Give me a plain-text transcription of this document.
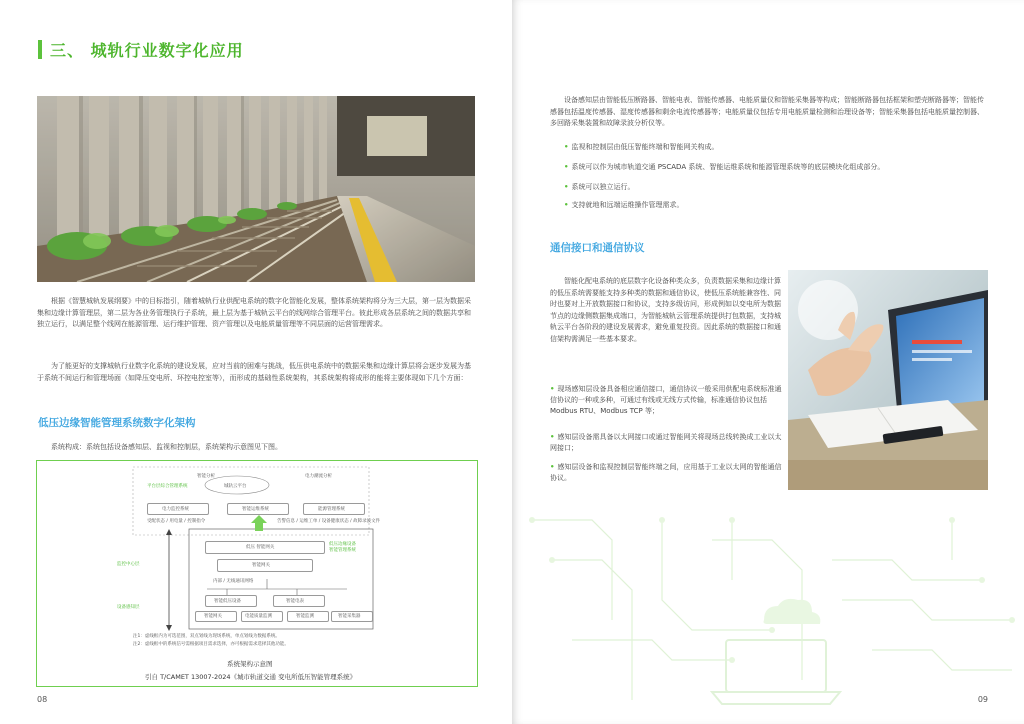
三、 城轨行业数字化应用
根据《智慧城轨发展纲要》中的目标指引，随着城轨行业供配电系统的数字化智能化发展，整体系统架构将分为三大层，第一层为数据采集和边缘计算管理层，第二层为各业务管理执行子系统，最上层为基于城轨云平台的线网综合管理平台。彼此形成各层系统之间的数据共享和独立运行，以满足整个线网在能源管理、运行维护管理、资产管理以及电能质量管理等不同层面的运营管理需求。
为了能更好的支撑城轨行业数字化系统的建设发展，应对当前的困难与挑战，低压供电系统中的数据采集和边缘计算层将会逐步发展为基于系统不间运行和管理场面（如降压变电所、环控电控室等），而形成的基础性系统架构，其系统架构将成形的能将主要体现如下几个方面：
低压边缘智能管理系统数字化架构
系统构成：系统包括设备感知层、监视和控制层，系统架构示意图见下图。
平台层综合管理系统
监控中心层
设备感知层
智能分析	电力潮流分析
城轨云平台
电力监控系统	智能运维系统	能源管理系统
受配状态 / 用电量 / 控制指令	告警信息 / 运维工单 / 设备健康状态 / 故障录波文件
低压 智能网关
低压边缘设备
智能管理系统
智能网关
内部 / 无线通讯网络
智能低压设备	智能电表
智能网关	电能质量监测	智能监测	智能采集器
注1：虚线框内为可选范围，双点划线为现场系统，单点划线为数据系统。
注2：虚线框中的系统信号需根据项目需求选择，亦可根据需求选择其他功能。
系统架构示意图
引自 T/CAMET 13007-2024《城市轨道交通 变电所低压智能管理系统》
08
设备感知层由智能低压断路器、智能电表、智能传感器、电能质量仪和智能采集器等构成；智能断路器包括框架和塑壳断路器等；智能传感器包括温度传感器、湿度传感器和剩余电流传感器等；电能质量仪包括专用电能质量检测和治理设备等；智能采集器包括电能质量控制器、多回路采集装置和故障录波分析仪等。
• 监视和控制层由低压智能终端和智能网关构成。
• 系统可以作为城市轨道交通 PSCADA 系统、智能运维系统和能源管理系统等的底层模块化组成部分。
• 系统可以独立运行。
• 支持就地和远端运维操作管理需求。
通信接口和通信协议
智能化配电系统的底层数字化设备种类众多，负责数据采集和边缘计算的低压系统需要能支持多种类的数据和通信协议，使低压系统能兼容性、同时也要对上开放数据接口和协议，支持多级访问，形成例如以变电所为数据节点的边缘侧数据集成端口，为智能城轨云管理系统提供打包数据，支持城轨云平台各阶段的建设发展需求，避免重复投资。因此系统的数据接口和通信架构需满足一些基本要求。
• 现场感知层设备具备相应通信接口，通信协议一般采用供配电系统标准通信协议的一种或多种，可通过有线或无线方式传输，标准通信协议包括 Modbus RTU、Modbus TCP 等；
• 感知层设备需具备以太网接口或通过智能网关将现场总线转换成工业以太网接口；
• 感知层设备和监视控制层智能终端之间，应用基于工业以太网的智能通信协议。
09
